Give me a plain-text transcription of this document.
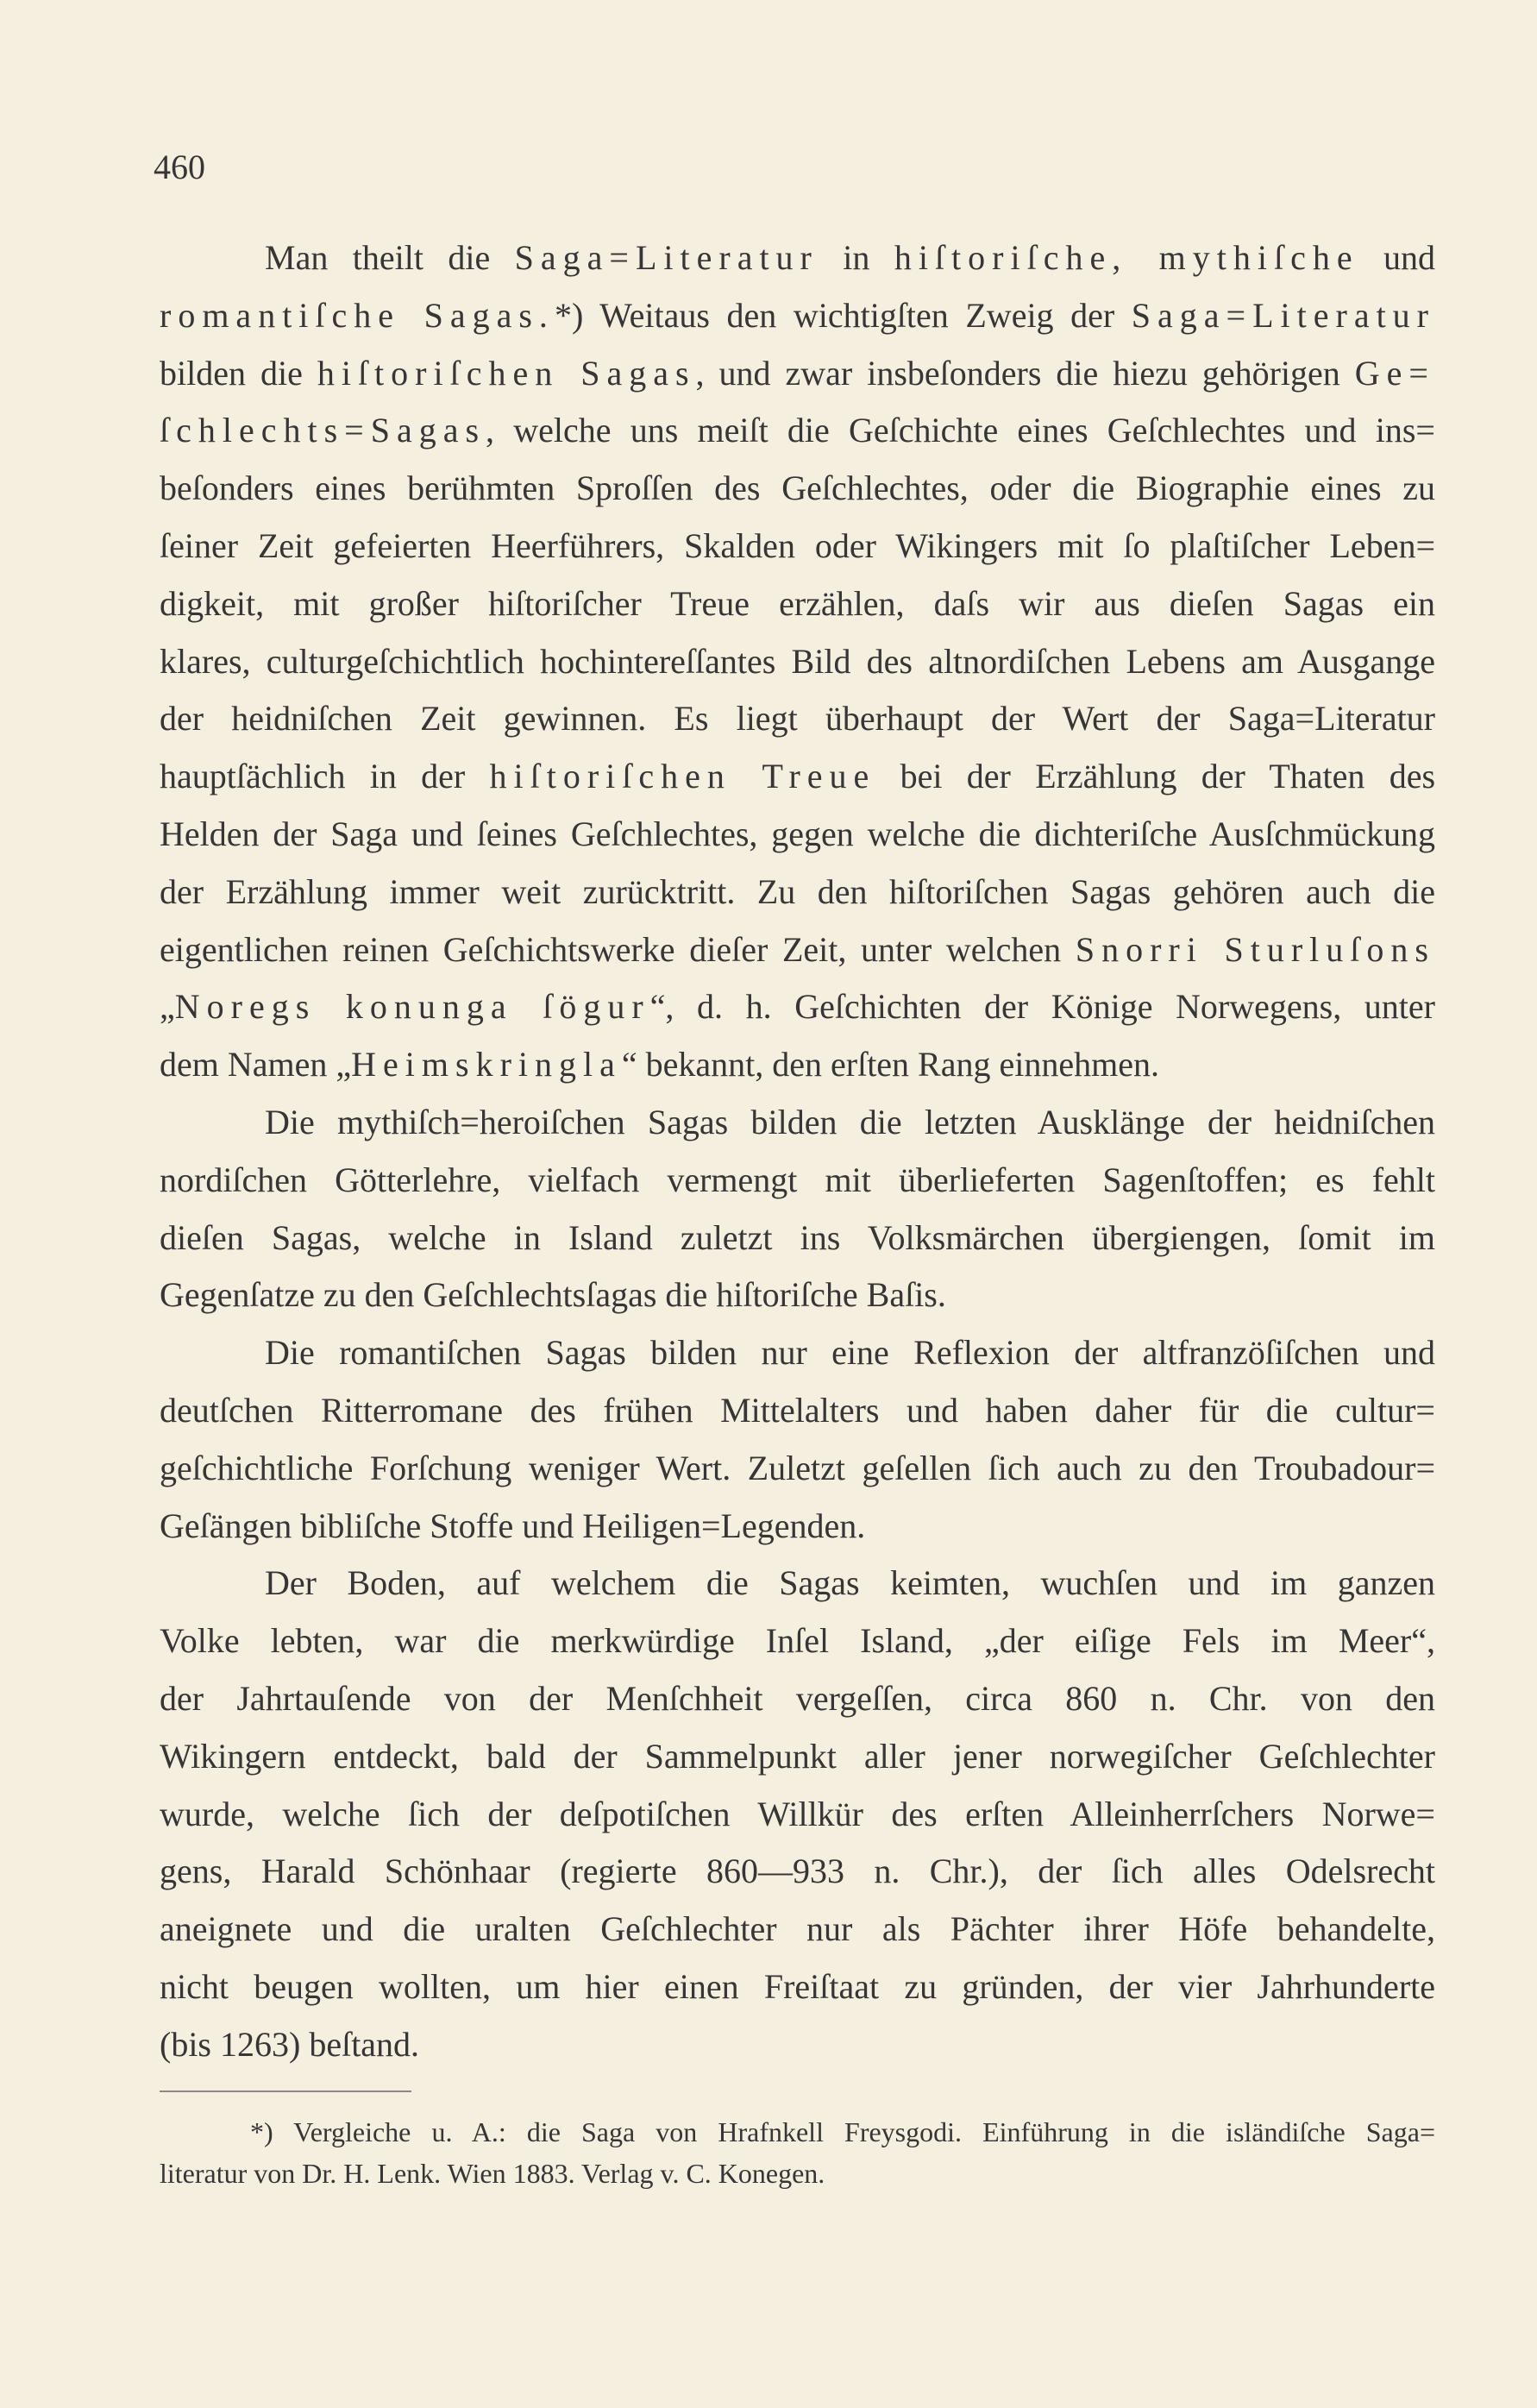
460
Man theilt die Saga=Literatur in hiſtoriſche, mythiſche und
romantiſche Sagas.*) Weitaus den wichtigſten Zweig der Saga=Literatur
bilden die hiſtoriſchen Sagas, und zwar insbeſonders die hiezu gehörigen Ge=
ſchlechts=Sagas, welche uns meiſt die Geſchichte eines Geſchlechtes und ins=
beſonders eines berühmten Sproſſen des Geſchlechtes, oder die Biographie eines zu
ſeiner Zeit gefeierten Heerführers, Skalden oder Wikingers mit ſo plaſtiſcher Leben=
digkeit, mit großer hiſtoriſcher Treue erzählen, daſs wir aus dieſen Sagas ein
klares, culturgeſchichtlich hochintereſſantes Bild des altnordiſchen Lebens am Ausgange
der heidniſchen Zeit gewinnen. Es liegt überhaupt der Wert der Saga=Literatur
hauptſächlich in der hiſtoriſchen Treue bei der Erzählung der Thaten des
Helden der Saga und ſeines Geſchlechtes, gegen welche die dichteriſche Ausſchmückung
der Erzählung immer weit zurücktritt. Zu den hiſtoriſchen Sagas gehören auch die
eigentlichen reinen Geſchichtswerke dieſer Zeit, unter welchen Snorri Sturluſons
„Noregs konunga ſögur“, d. h. Geſchichten der Könige Norwegens, unter
dem Namen „Heimskringla“ bekannt, den erſten Rang einnehmen.
Die mythiſch=heroiſchen Sagas bilden die letzten Ausklänge der heidniſchen
nordiſchen Götterlehre, vielfach vermengt mit überlieferten Sagenſtoffen; es fehlt
dieſen Sagas, welche in Island zuletzt ins Volksmärchen übergiengen, ſomit im
Gegenſatze zu den Geſchlechtsſagas die hiſtoriſche Baſis.
Die romantiſchen Sagas bilden nur eine Reflexion der altfranzöſiſchen und
deutſchen Ritterromane des frühen Mittelalters und haben daher für die cultur=
geſchichtliche Forſchung weniger Wert. Zuletzt geſellen ſich auch zu den Troubadour=
Geſängen bibliſche Stoffe und Heiligen=Legenden.
Der Boden, auf welchem die Sagas keimten, wuchſen und im ganzen
Volke lebten, war die merkwürdige Inſel Island, „der eiſige Fels im Meer“,
der Jahrtauſende von der Menſchheit vergeſſen, circa 860 n. Chr. von den
Wikingern entdeckt, bald der Sammelpunkt aller jener norwegiſcher Geſchlechter
wurde, welche ſich der deſpotiſchen Willkür des erſten Alleinherrſchers Norwe=
gens, Harald Schönhaar (regierte 860—933 n. Chr.), der ſich alles Odelsrecht
aneignete und die uralten Geſchlechter nur als Pächter ihrer Höfe behandelte,
nicht beugen wollten, um hier einen Freiſtaat zu gründen, der vier Jahrhunderte
(bis 1263) beſtand.
*) Vergleiche u. A.: die Saga von Hrafnkell Freysgodi. Einführung in die isländiſche Saga=
literatur von Dr. H. Lenk. Wien 1883. Verlag v. C. Konegen.
